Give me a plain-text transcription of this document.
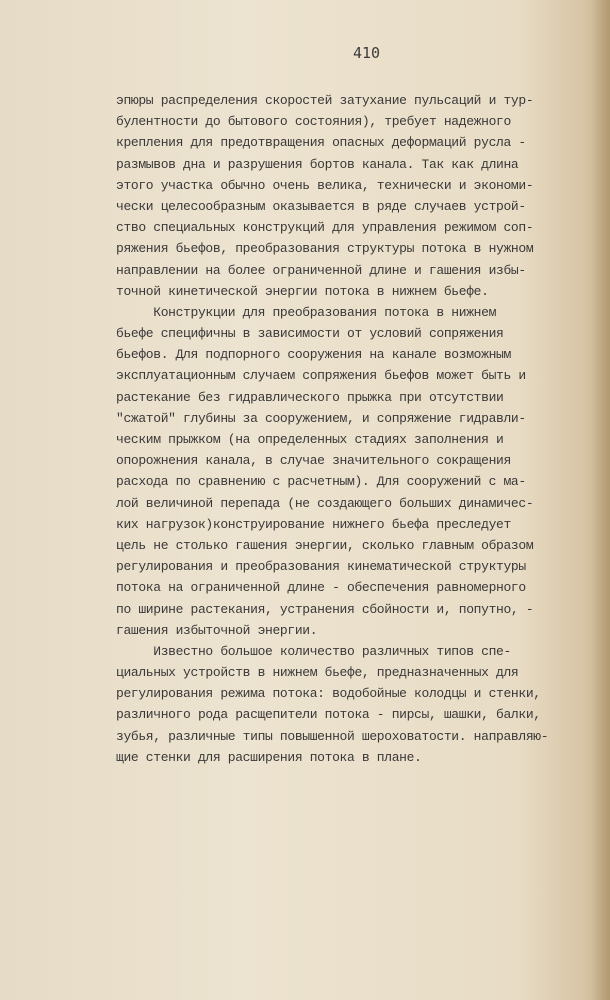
410
эпюры распределения скоростей затухание пульсаций и тур-
булентности до бытового состояния), требует надежного
крепления для предотвращения опасных деформаций русла -
размывов дна и разрушения бортов канала. Так как длина
этого участка обычно очень велика, технически и экономи-
чески целесообразным оказывается в ряде случаев устрой-
ство специальных конструкций для управления режимом соп-
ряжения бьефов, преобразования структуры потока в нужном
направлении на более ограниченной длине и гашения избы-
точной кинетической энергии потока в нижнем бьефе.
Конструкции для преобразования потока в нижнем
бьефе специфичны в зависимости от условий сопряжения
бьефов. Для подпорного сооружения на канале возможным
эксплуатационным случаем сопряжения бьефов может быть и
растекание без гидравлического прыжка при отсутствии
"сжатой" глубины за сооружением, и сопряжение гидравли-
ческим прыжком (на определенных стадиях заполнения и
опорожнения канала, в случае значительного сокращения
расхода по сравнению с расчетным). Для сооружений с ма-
лой величиной перепада (не создающего больших динамичес-
ких нагрузок)конструирование нижнего бьефа преследует
цель не столько гашения энергии, сколько главным образом
регулирования и преобразования кинематической структуры
потока на ограниченной длине - обеспечения равномерного
по ширине растекания, устранения сбойности и, попутно, -
гашения избыточной энергии.
Известно большое количество различных типов спе-
циальных устройств в нижнем бьефе, предназначенных для
регулирования режима потока: водобойные колодцы и стенки,
различного рода расщепители потока - пирсы, шашки, балки,
зубья, различные типы повышенной шероховатости. направляю-
щие стенки для расширения потока в плане.
